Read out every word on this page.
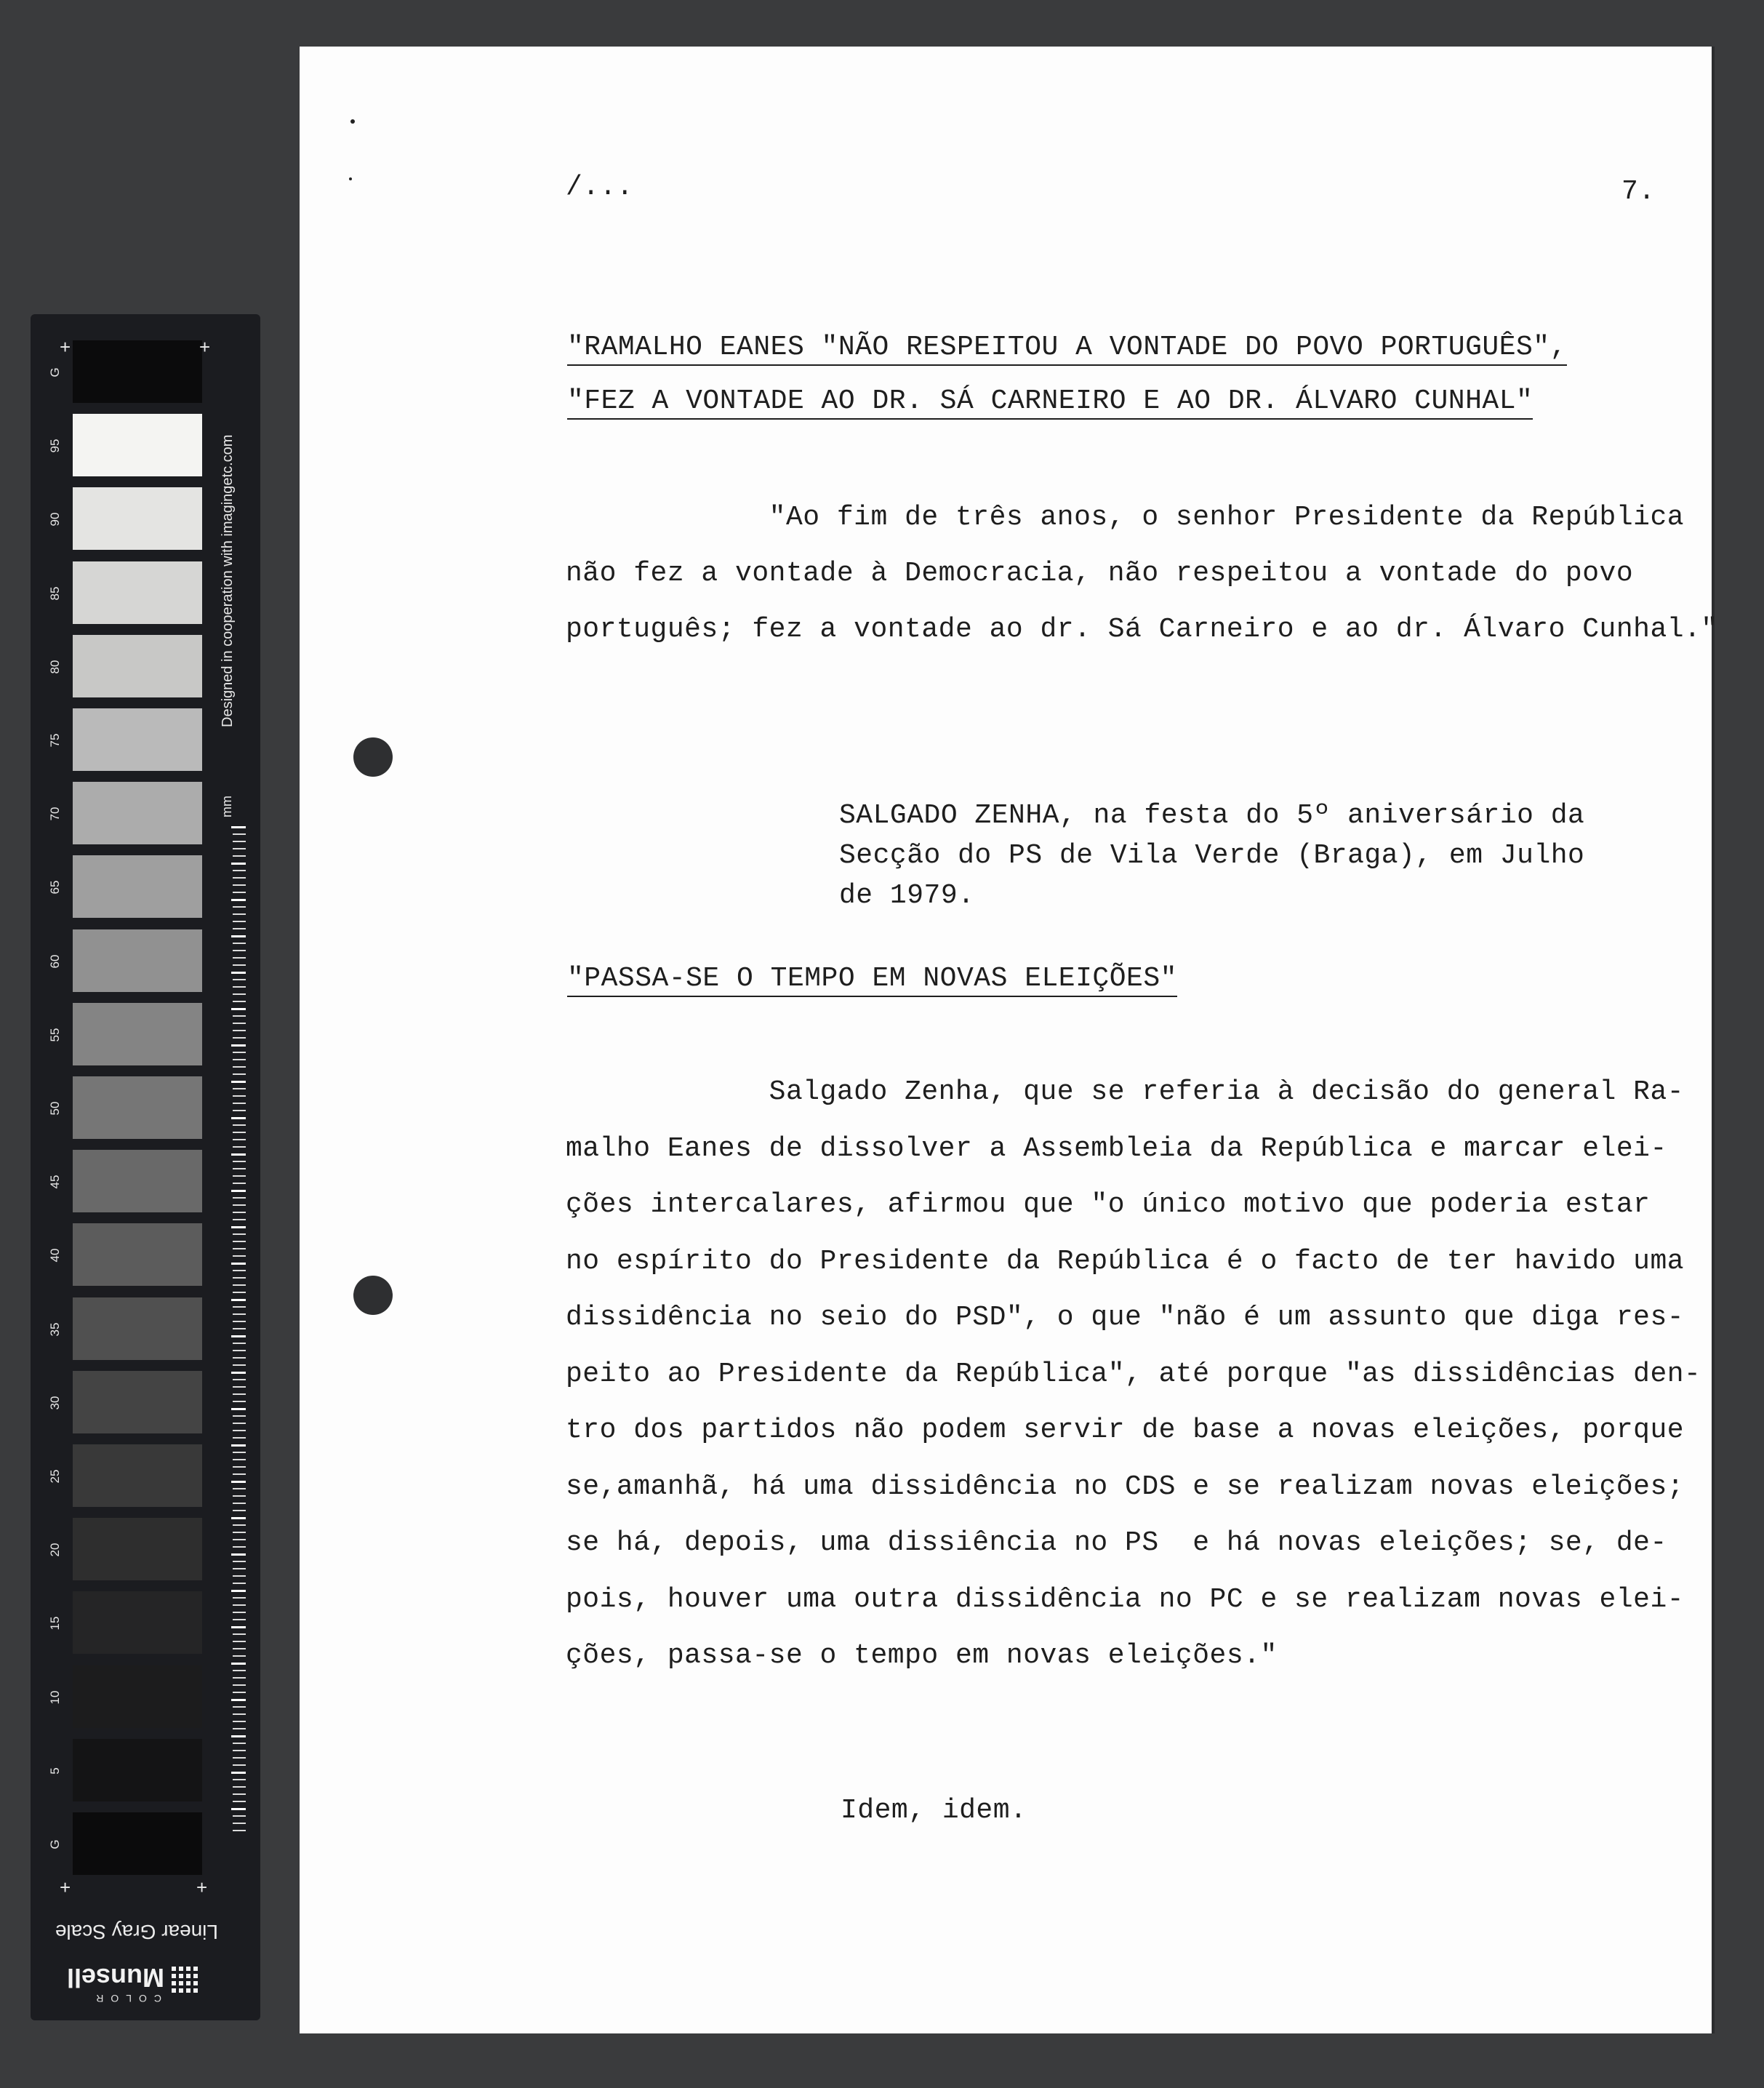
G
95
90
85
80
75
70
65
60
55
50
45
40
35
30
25
20
15
10
5
G
+	+
+	+
Designed in cooperation with imagingetc.com
mm
Linear Gray Scale
COLOR
Munsell
/...	7.
"RAMALHO EANES "NÃO RESPEITOU A VONTADE DO POVO PORTUGUÊS",
"FEZ A VONTADE AO DR. SÁ CARNEIRO E AO DR. ÁLVARO CUNHAL"
"Ao fim de três anos, o senhor Presidente da República
não fez a vontade à Democracia, não respeitou a vontade do povo
português; fez a vontade ao dr. Sá Carneiro e ao dr. Álvaro Cunhal."
SALGADO ZENHA, na festa do 5º aniversário da
Secção do PS de Vila Verde (Braga), em Julho
de 1979.
"PASSA-SE O TEMPO EM NOVAS ELEIÇÕES"
Salgado Zenha, que se referia à decisão do general Ra-
malho Eanes de dissolver a Assembleia da República e marcar elei-
ções intercalares, afirmou que "o único motivo que poderia estar
no espírito do Presidente da República é o facto de ter havido uma
dissidência no seio do PSD", o que "não é um assunto que diga res-
peito ao Presidente da República", até porque "as dissidências den-
tro dos partidos não podem servir de base a novas eleições, porque
se,amanhã, há uma dissidência no CDS e se realizam novas eleições;
se há, depois, uma dissiência no PS  e há novas eleições; se, de-
pois, houver uma outra dissidência no PC e se realizam novas elei-
ções, passa-se o tempo em novas eleições."
Idem, idem.
